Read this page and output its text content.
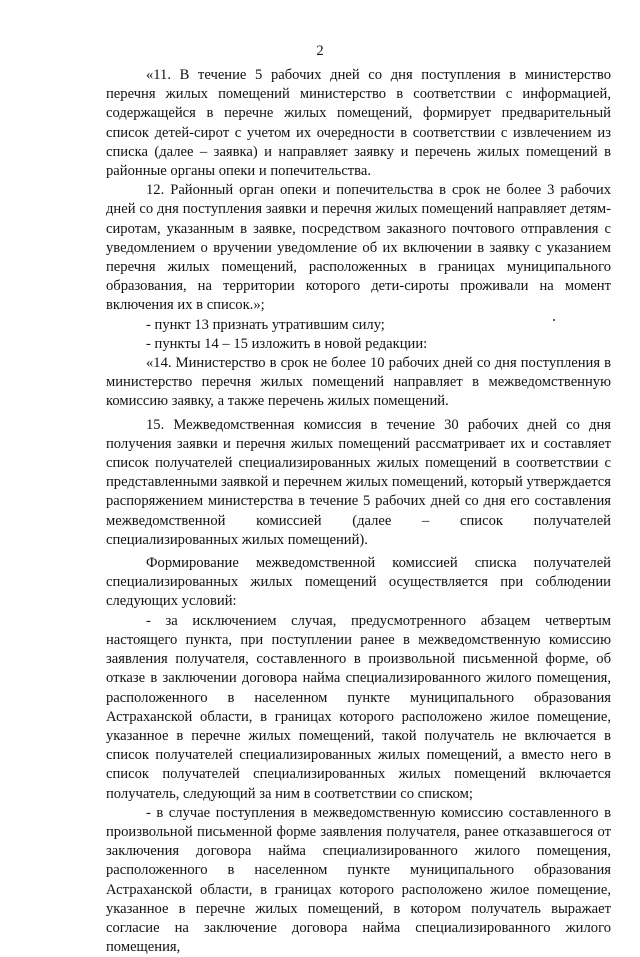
2

«11. В течение 5 рабочих дней со дня поступления в министерство перечня жилых помещений министерство в соответствии с информацией, содержащейся в перечне жилых помещений, формирует предварительный список детей-сирот с учетом их очередности в соответствии с извлечением из списка (далее – заявка) и направляет заявку и перечень жилых помещений в районные органы опеки и попечительства.

12. Районный орган опеки и попечительства в срок не более 3 рабочих дней со дня поступления заявки и перечня жилых помещений направляет детям-сиротам, указанным в заявке, посредством заказного почтового отправления с уведомлением о вручении уведомление об их включении в заявку с указанием перечня жилых помещений, расположенных в границах муниципального образования, на территории которого дети-сироты проживали на момент включения их в список.»;

- пункт 13 признать утратившим силу;

- пункты 14 – 15 изложить в новой редакции:

«14. Министерство в срок не более 10 рабочих дней со дня поступления в министерство перечня жилых помещений направляет в межведомственную комиссию заявку, а также перечень жилых помещений.

15. Межведомственная комиссия в течение 30 рабочих дней со дня получения заявки и перечня жилых помещений рассматривает их и составляет список получателей специализированных жилых помещений в соответствии с представленными заявкой и перечнем жилых помещений, который утверждается распоряжением министерства в течение 5 рабочих дней со дня его составления межведомственной комиссией (далее – список получателей специализированных жилых помещений).

Формирование межведомственной комиссией списка получателей специализированных жилых помещений осуществляется при соблюдении следующих условий:

- за исключением случая, предусмотренного абзацем четвертым настоящего пункта, при поступлении ранее в межведомственную комиссию заявления получателя, составленного в произвольной письменной форме, об отказе в заключении договора найма специализированного жилого помещения, расположенного в населенном пункте муниципального образования Астраханской области, в границах которого расположено жилое помещение, указанное в перечне жилых помещений, такой получатель не включается в список получателей специализированных жилых помещений, а вместо него в список получателей специализированных жилых помещений включается получатель, следующий за ним в соответствии со списком;

- в случае поступления в межведомственную комиссию составленного в произвольной письменной форме заявления получателя, ранее отказавшегося от заключения договора найма специализированного жилого помещения, расположенного в населенном пункте муниципального образования Астраханской области, в границах которого расположено жилое помещение, указанное в перечне жилых помещений, в котором получатель выражает согласие на заключение договора найма специализированного жилого помещения,
